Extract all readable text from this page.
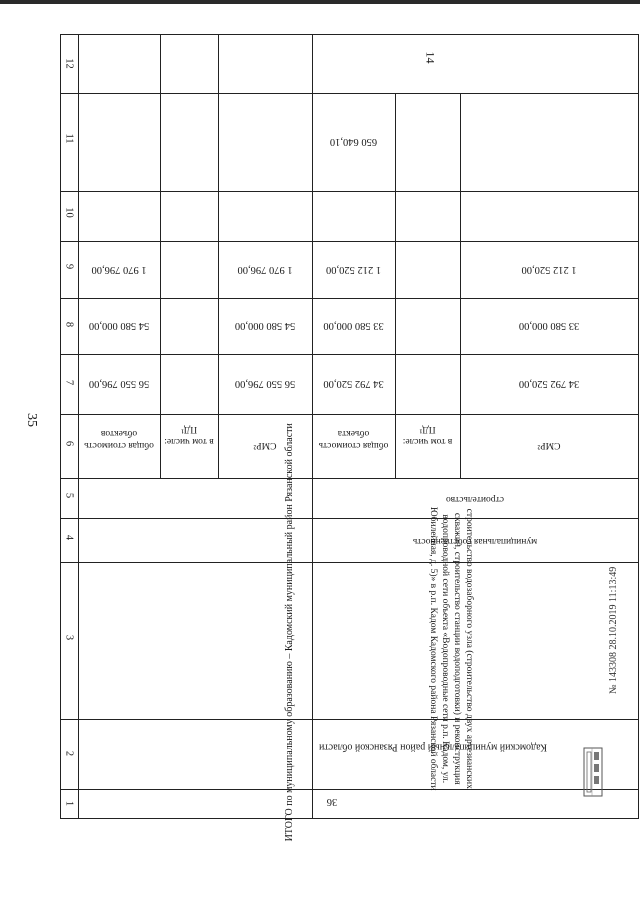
35
12
11
10
9
8
7
6
5
4
3
2
1	ИТОГО по муниципальному образованию – Кадомский муниципальный район Рязанской области
общая стоимость объектов
в том числе: ПД¹
СМР²
56 550 796,00
54 580 000,00
1 970 796,00
56 550 796,00
54 580 000,00
1 970 796,00
36
Кадомский муниципальный район Рязанской области
строительство водозаборного узла (строительство двух артезианских скважин, строительство станции водоподготовки) и реконструкция водопроводной сети объекта «Водопроводные сети р.п. Кадом, ул. Юбилейная, д. 5)» в р.п. Кадом Кадомского района Рязанской области
муниципальная собственность
строительство
общая стоимость объекта
в том числе: ПД¹
СМР²
34 792 520,00
33 580 000,00
1 212 520,00
34 792 520,00
33 580 000,00
1 212 520,00
650 640,10
14
№ 143308 28.10.2019 11:13:49
